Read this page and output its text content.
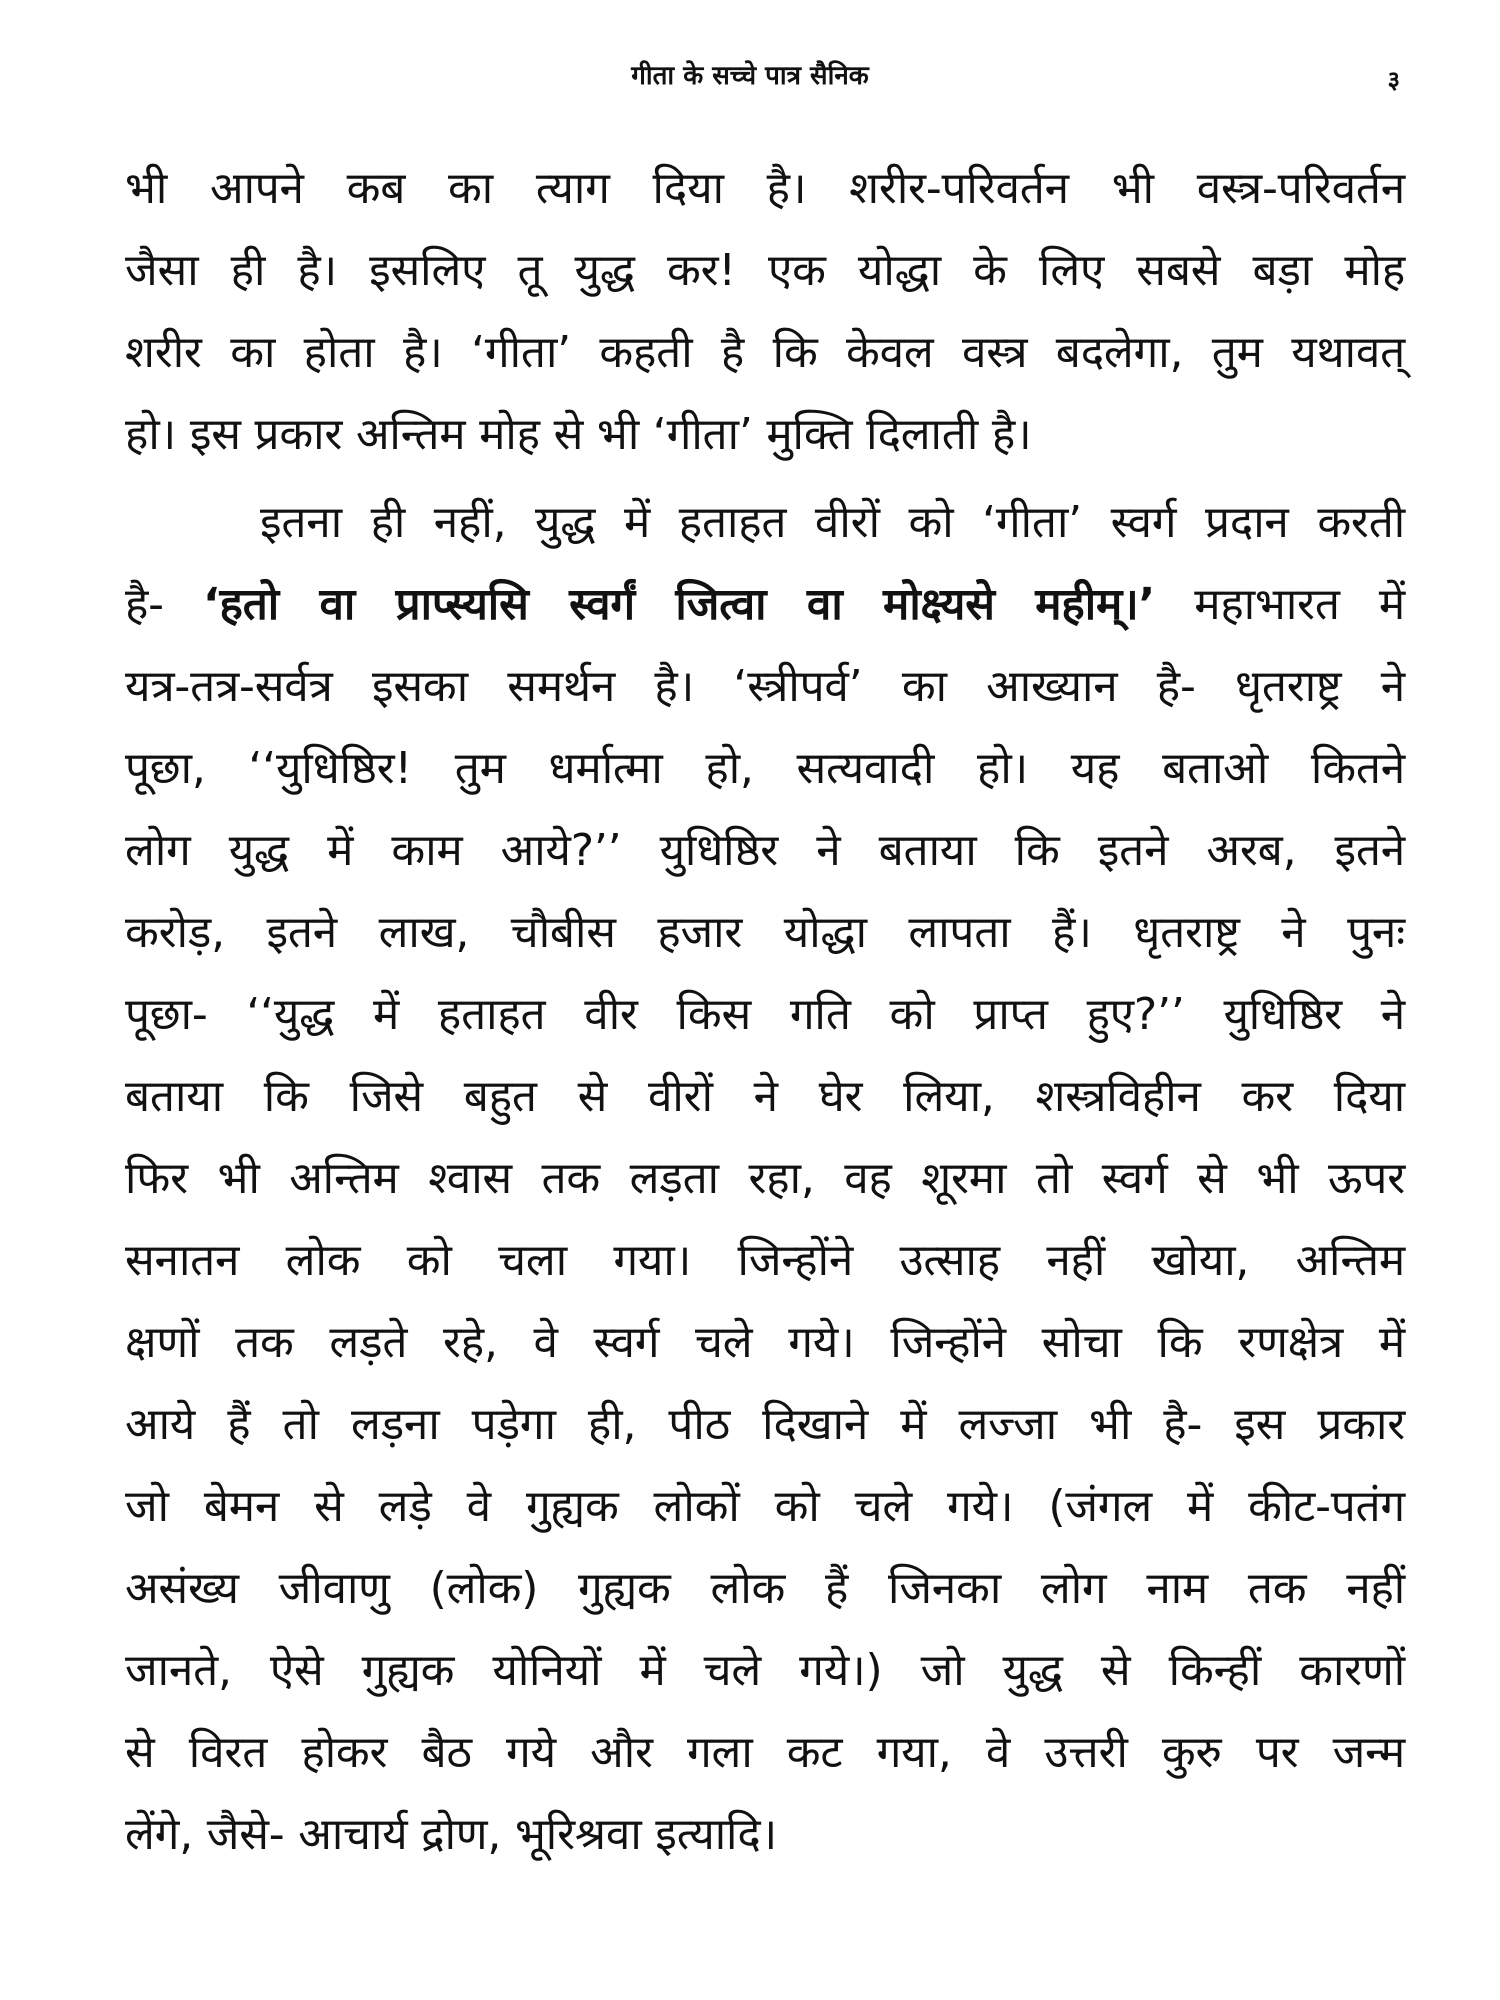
गीता के सच्चे पात्र सैनिक	३
भी आपने कब का त्याग दिया है। शरीर-परिवर्तन भी वस्त्र-परिवर्तन
जैसा ही है। इसलिए तू युद्ध कर! एक योद्धा के लिए सबसे बड़ा मोह
शरीर का होता है। ‘गीता’ कहती है कि केवल वस्त्र बदलेगा, तुम यथावत्
हो। इस प्रकार अन्तिम मोह से भी ‘गीता’ मुक्ति दिलाती है।
इतना ही नहीं, युद्ध में हताहत वीरों को ‘गीता’ स्वर्ग प्रदान करती
है- ‘हतो वा प्राप्स्यसि स्वर्गं जित्वा वा मोक्ष्यसे महीम्।’ महाभारत में
यत्र-तत्र-सर्वत्र इसका समर्थन है। ‘स्त्रीपर्व’ का आख्यान है- धृतराष्ट्र ने
पूछा, ‘‘युधिष्ठिर! तुम धर्मात्मा हो, सत्यवादी हो। यह बताओ कितने
लोग युद्ध में काम आये?’’ युधिष्ठिर ने बताया कि इतने अरब, इतने
करोड़, इतने लाख, चौबीस हजार योद्धा लापता हैं। धृतराष्ट्र ने पुनः
पूछा- ‘‘युद्ध में हताहत वीर किस गति को प्राप्त हुए?’’ युधिष्ठिर ने
बताया कि जिसे बहुत से वीरों ने घेर लिया, शस्त्रविहीन कर दिया
फिर भी अन्तिम श्वास तक लड़ता रहा, वह शूरमा तो स्वर्ग से भी ऊपर
सनातन लोक को चला गया। जिन्होंने उत्साह नहीं खोया, अन्तिम
क्षणों तक लड़ते रहे, वे स्वर्ग चले गये। जिन्होंने सोचा कि रणक्षेत्र में
आये हैं तो लड़ना पड़ेगा ही, पीठ दिखाने में लज्जा भी है- इस प्रकार
जो बेमन से लड़े वे गुह्यक लोकों को चले गये। (जंगल में कीट-पतंग
असंख्य जीवाणु (लोक) गुह्यक लोक हैं जिनका लोग नाम तक नहीं
जानते, ऐसे गुह्यक योनियों में चले गये।) जो युद्ध से किन्हीं कारणों
से विरत होकर बैठ गये और गला कट गया, वे उत्तरी कुरु पर जन्म
लेंगे, जैसे- आचार्य द्रोण, भूरिश्रवा इत्यादि।
